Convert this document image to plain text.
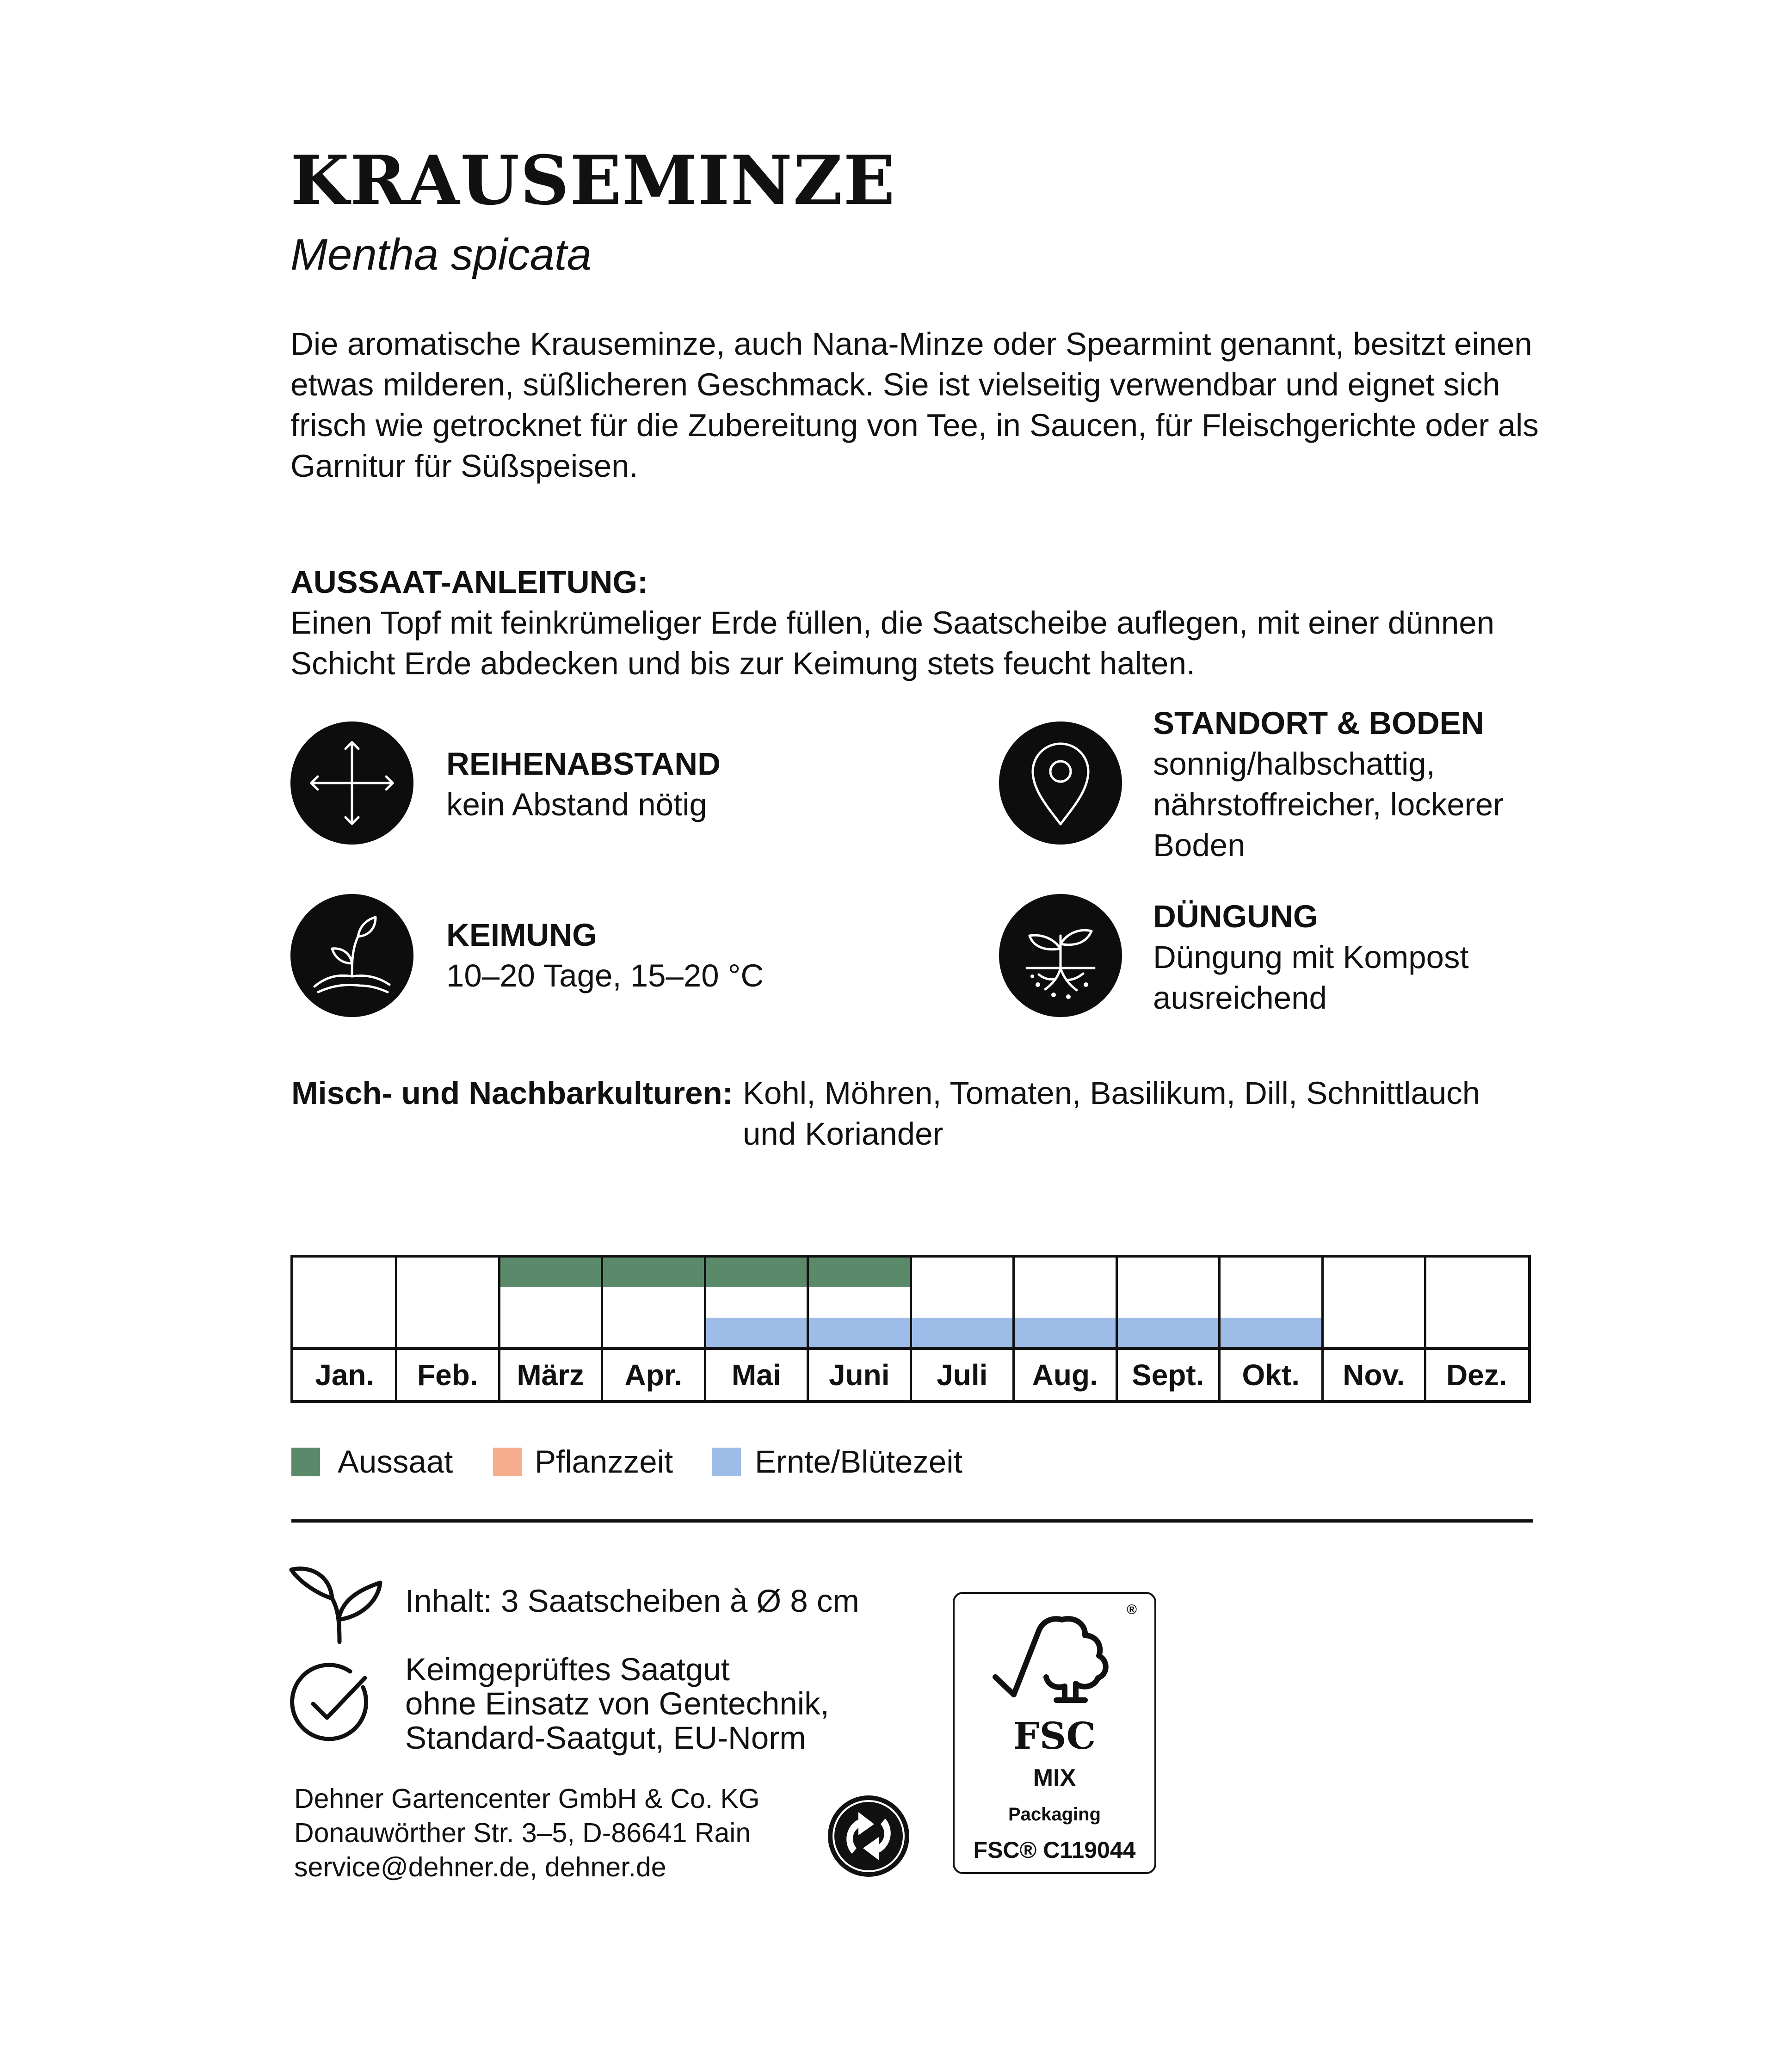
KRAUSEMINZE
Mentha spicata

Die aromatische Krauseminze, auch Nana-Minze oder Spearmint genannt, besitzt einen etwas milderen, süßlicheren Geschmack. Sie ist vielseitig verwendbar und eignet sich frisch wie getrocknet für die Zubereitung von Tee, in Saucen, für Fleischgerichte oder als Garnitur für Süßspeisen.

AUSSAAT-ANLEITUNG:

Einen Topf mit feinkrümeliger Erde füllen, die Saatscheibe auflegen, mit einer dünnen Schicht Erde abdecken und bis zur Keimung stets feucht halten.

REIHENABSTAND
kein Abstand nötig
STANDORT & BODEN
sonnig/halbschattig,
nährstoffreicher, lockerer
Boden
KEIMUNG
10–20 Tage, 15–20 °C
DÜNGUNG
Düngung mit Kompost
ausreichend
Misch- und Nachbarkulturen: Kohl, Möhren, Tomaten, Basilikum, Dill, Schnittlauch
und Koriander
Jan.	Feb.	März	Apr.	Mai	Juni	Juli	Aug.	Sept.	Okt.	Nov.	Dez.
Aussaat	Pflanzzeit	Ernte/Blütezeit
Inhalt: 3 Saatscheiben à Ø 8 cm
Keimgeprüftes Saatgut
ohne Einsatz von Gentechnik,
Standard-Saatgut, EU-Norm
Dehner Gartencenter GmbH & Co. KG
Donauwörther Str. 3–5, D-86641 Rain
service@dehner.de, dehner.de
®
FSC
MIX
Packaging
FSC® C119044
